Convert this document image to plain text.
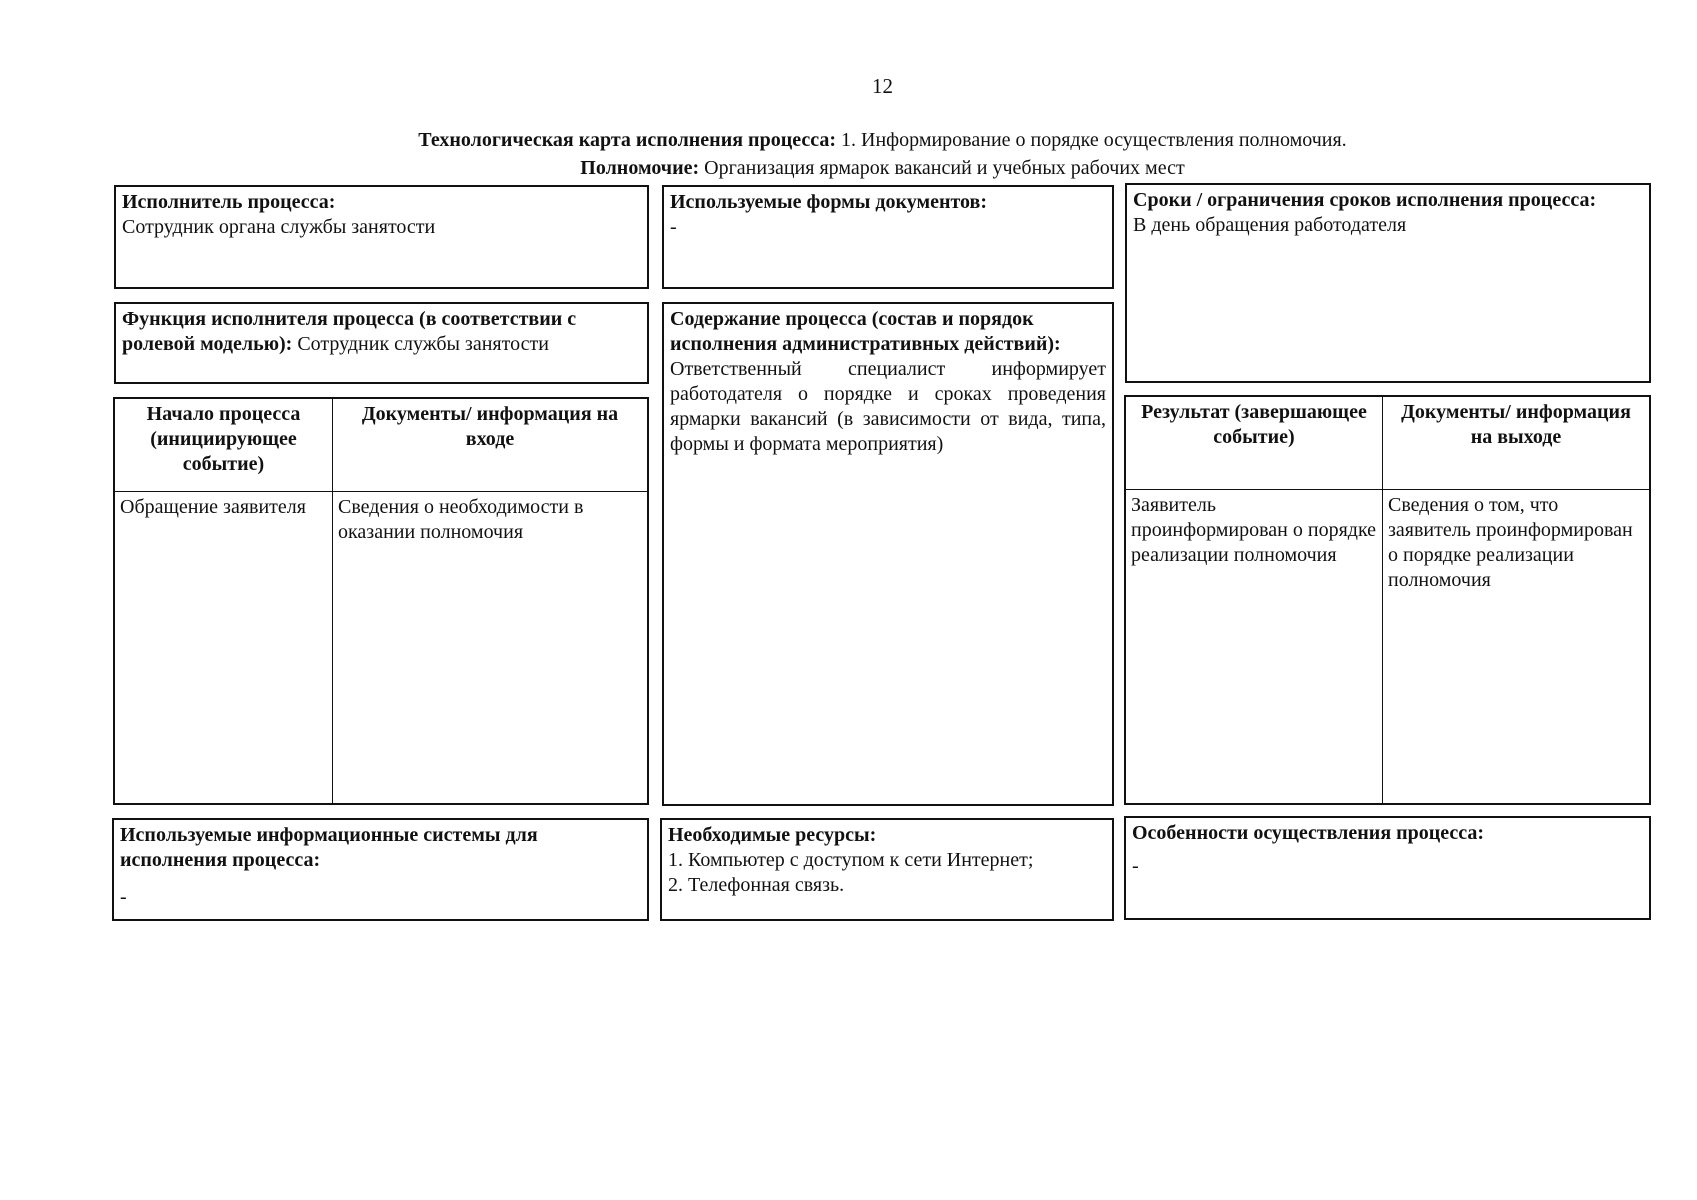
12
Технологическая карта исполнения процесса: 1. Информирование о порядке осуществления полномочия.
Полномочие: Организация ярмарок вакансий и учебных рабочих мест
Исполнитель процесса:
Сотрудник органа службы занятости
Используемые формы документов:
-
Сроки / ограничения сроков исполнения процесса:
В день обращения работодателя
Функция исполнителя процесса (в соответствии с ролевой моделью): Сотрудник службы занятости
Содержание процесса (состав и порядок исполнения административных действий):
Ответственный специалист информирует работодателя о порядке и сроках проведения ярмарки вакансий (в зависимости от вида, типа, формы и формата мероприятия)
Начало процесса (инициирующее событие)
Документы/ информация на входе
Обращение заявителя	Сведения о необходимости в оказании полномочия
Результат (завершающее событие)
Документы/ информация на выходе
Заявитель проинформирован о порядке реализации полномочия
Сведения о том, что заявитель проинформирован о порядке реализации полномочия
Используемые информационные системы для исполнения процесса:
-
Необходимые ресурсы:
1. Компьютер с доступом к сети Интернет;
2. Телефонная связь.
Особенности осуществления процесса:
-
